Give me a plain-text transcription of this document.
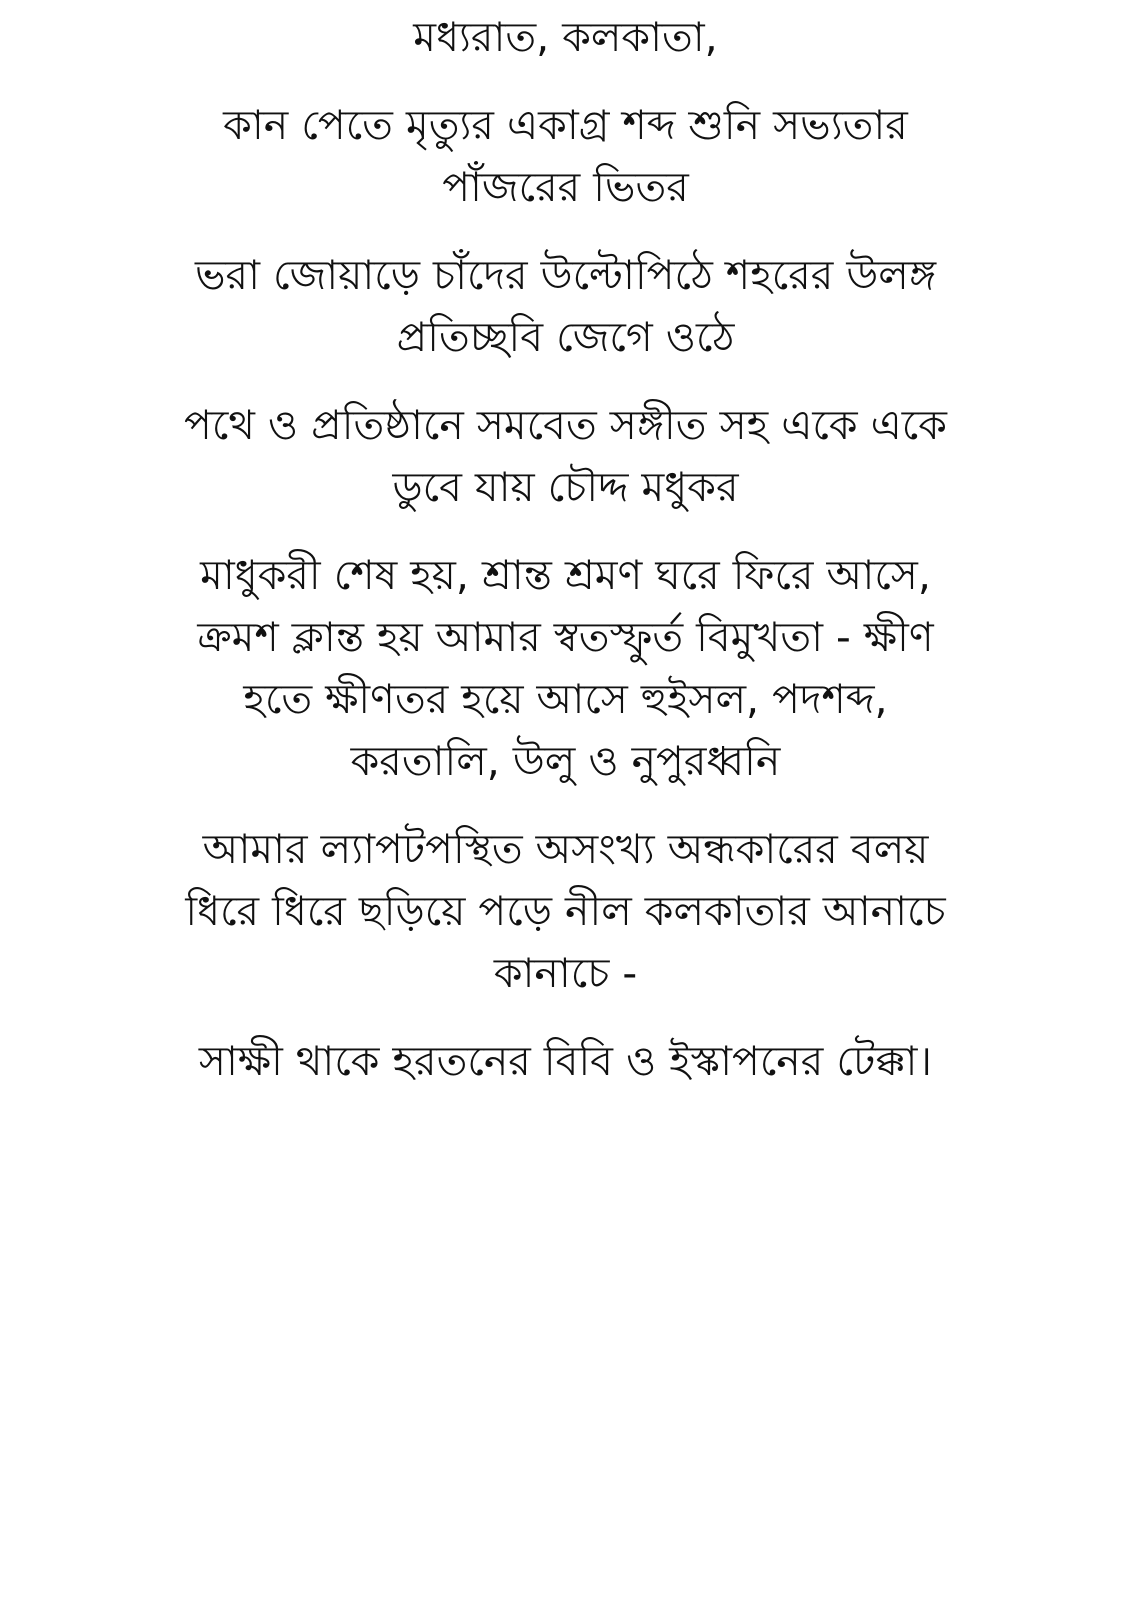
মধ্যরাত, কলকাতা,
কান পেতে মৃত্যুর একাগ্র শব্দ শুনি সভ্যতার
পাঁজরের ভিতর
ভরা জোয়াড়ে চাঁদের উল্টোপিঠে শহরের উলঙ্গ
প্রতিচ্ছবি জেগে ওঠে
পথে ও প্রতিষ্ঠানে সমবেত সঙ্গীত সহ একে একে
ডুবে যায় চৌদ্দ মধুকর
মাধুকরী শেষ হয়, শ্রান্ত শ্রমণ ঘরে ফিরে আসে,
ক্রমশ ক্লান্ত হয় আমার স্বতস্ফুর্ত বিমুখতা - ক্ষীণ
হতে ক্ষীণতর হয়ে আসে হুইসল, পদশব্দ,
করতালি, উলু ও নুপুরধ্বনি
আমার ল্যাপটপস্থিত অসংখ্য অন্ধকারের বলয়
ধিরে ধিরে ছড়িয়ে পড়ে নীল কলকাতার আনাচে
কানাচে -
সাক্ষী থাকে হরতনের বিবি ও ইস্কাপনের টেক্কা।
